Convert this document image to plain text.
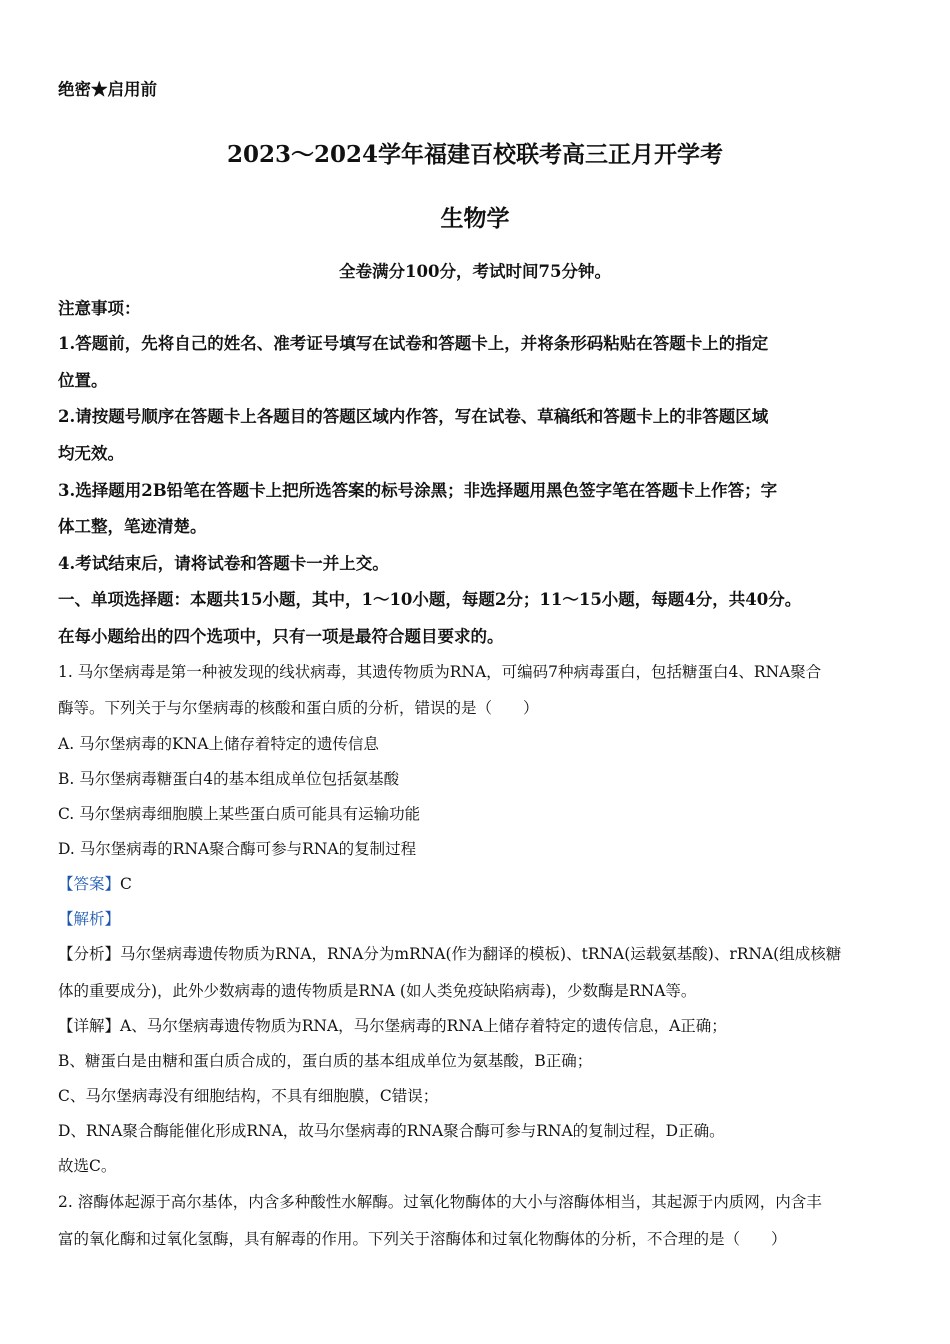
绝密★启用前
2023～2024学年福建百校联考高三正月开学考
生物学
全卷满分100分，考试时间75分钟。
注意事项：
1.答题前，先将自己的姓名、准考证号填写在试卷和答题卡上，并将条形码粘贴在答题卡上的指定
位置。
2.请按题号顺序在答题卡上各题目的答题区域内作答，写在试卷、草稿纸和答题卡上的非答题区域
均无效。
3.选择题用2B铅笔在答题卡上把所选答案的标号涂黑；非选择题用黑色签字笔在答题卡上作答；字
体工整，笔迹清楚。
4.考试结束后，请将试卷和答题卡一并上交。
一、单项选择题：本题共15小题，其中，1～10小题，每题2分；11～15小题，每题4分，共40分。
在每小题给出的四个选项中，只有一项是最符合题目要求的。
1. 马尔堡病毒是第一种被发现的线状病毒，其遗传物质为RNA，可编码7种病毒蛋白，包括糖蛋白4、RNA聚合
酶等。下列关于与尔堡病毒的核酸和蛋白质的分析，错误的是（　　）
A. 马尔堡病毒的KNA上储存着特定的遗传信息
B. 马尔堡病毒糖蛋白4的基本组成单位包括氨基酸
C. 马尔堡病毒细胞膜上某些蛋白质可能具有运输功能
D. 马尔堡病毒的RNA聚合酶可参与RNA的复制过程
【答案】C
【解析】
【分析】马尔堡病毒遗传物质为RNA，RNA分为mRNA(作为翻译的模板)、tRNA(运载氨基酸)、rRNA(组成核糖
体的重要成分)，此外少数病毒的遗传物质是RNA (如人类免疫缺陷病毒)，少数酶是RNA等。
【详解】A、马尔堡病毒遗传物质为RNA，马尔堡病毒的RNA上储存着特定的遗传信息，A正确；
B、糖蛋白是由糖和蛋白质合成的，蛋白质的基本组成单位为氨基酸，B正确；
C、马尔堡病毒没有细胞结构，不具有细胞膜，C错误；
D、RNA聚合酶能催化形成RNA，故马尔堡病毒的RNA聚合酶可参与RNA的复制过程，D正确。
故选C。
2. 溶酶体起源于高尔基体，内含多种酸性水解酶。过氧化物酶体的大小与溶酶体相当，其起源于内质网，内含丰
富的氧化酶和过氧化氢酶，具有解毒的作用。下列关于溶酶体和过氧化物酶体的分析，不合理的是（　　）
